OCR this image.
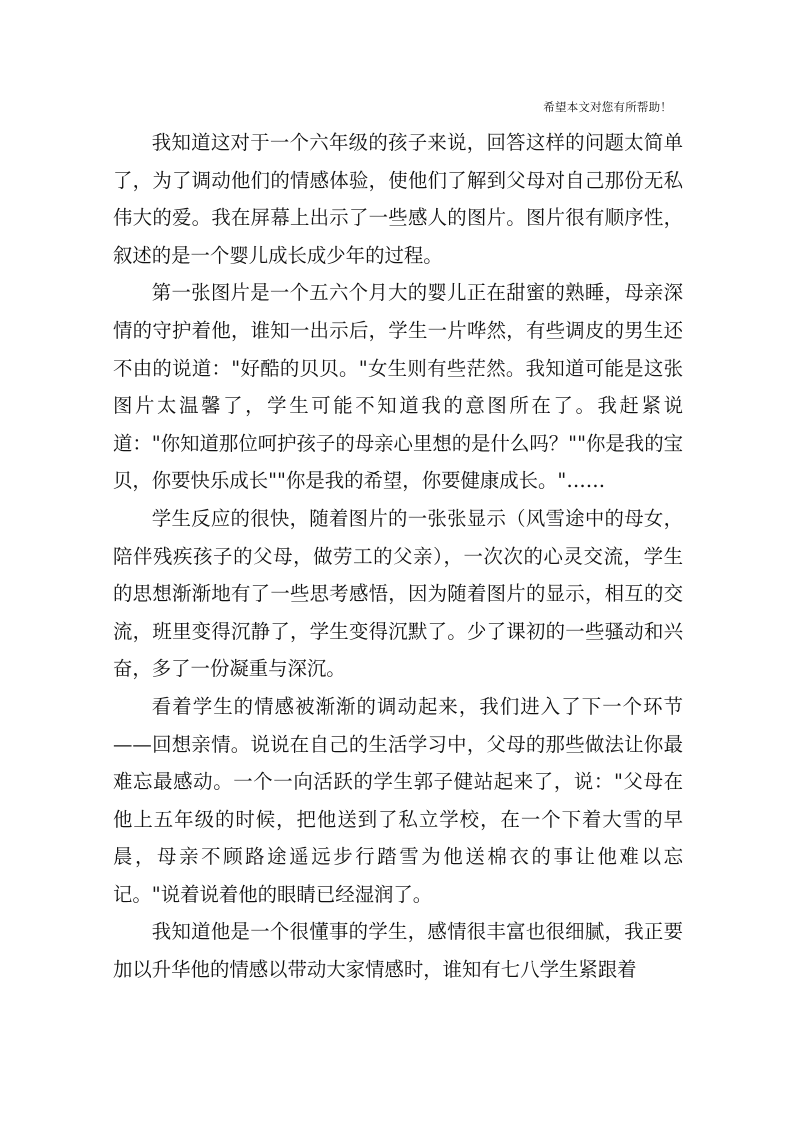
希望本文对您有所帮助！

我知道这对于一个六年级的孩子来说，回答这样的问题太简单了，为了调动他们的情感体验，使他们了解到父母对自己那份无私伟大的爱。我在屏幕上出示了一些感人的图片。图片很有顺序性，叙述的是一个婴儿成长成少年的过程。

第一张图片是一个五六个月大的婴儿正在甜蜜的熟睡，母亲深情的守护着他，谁知一出示后，学生一片哗然，有些调皮的男生还不由的说道："好酷的贝贝。"女生则有些茫然。我知道可能是这张图片太温馨了，学生可能不知道我的意图所在了。我赶紧说道："你知道那位呵护孩子的母亲心里想的是什么吗？""你是我的宝贝，你要快乐成长""你是我的希望，你要健康成长。"……

学生反应的很快，随着图片的一张张显示（风雪途中的母女，陪伴残疾孩子的父母，做劳工的父亲），一次次的心灵交流，学生的思想渐渐地有了一些思考感悟，因为随着图片的显示，相互的交流，班里变得沉静了，学生变得沉默了。少了课初的一些骚动和兴奋，多了一份凝重与深沉。

看着学生的情感被渐渐的调动起来，我们进入了下一个环节——回想亲情。说说在自己的生活学习中，父母的那些做法让你最难忘最感动。一个一向活跃的学生郭子健站起来了，说："父母在他上五年级的时候，把他送到了私立学校，在一个下着大雪的早晨，母亲不顾路途遥远步行踏雪为他送棉衣的事让他难以忘记。"说着说着他的眼睛已经湿润了。

我知道他是一个很懂事的学生，感情很丰富也很细腻，我正要加以升华他的情感以带动大家情感时，谁知有七八学生紧跟着
